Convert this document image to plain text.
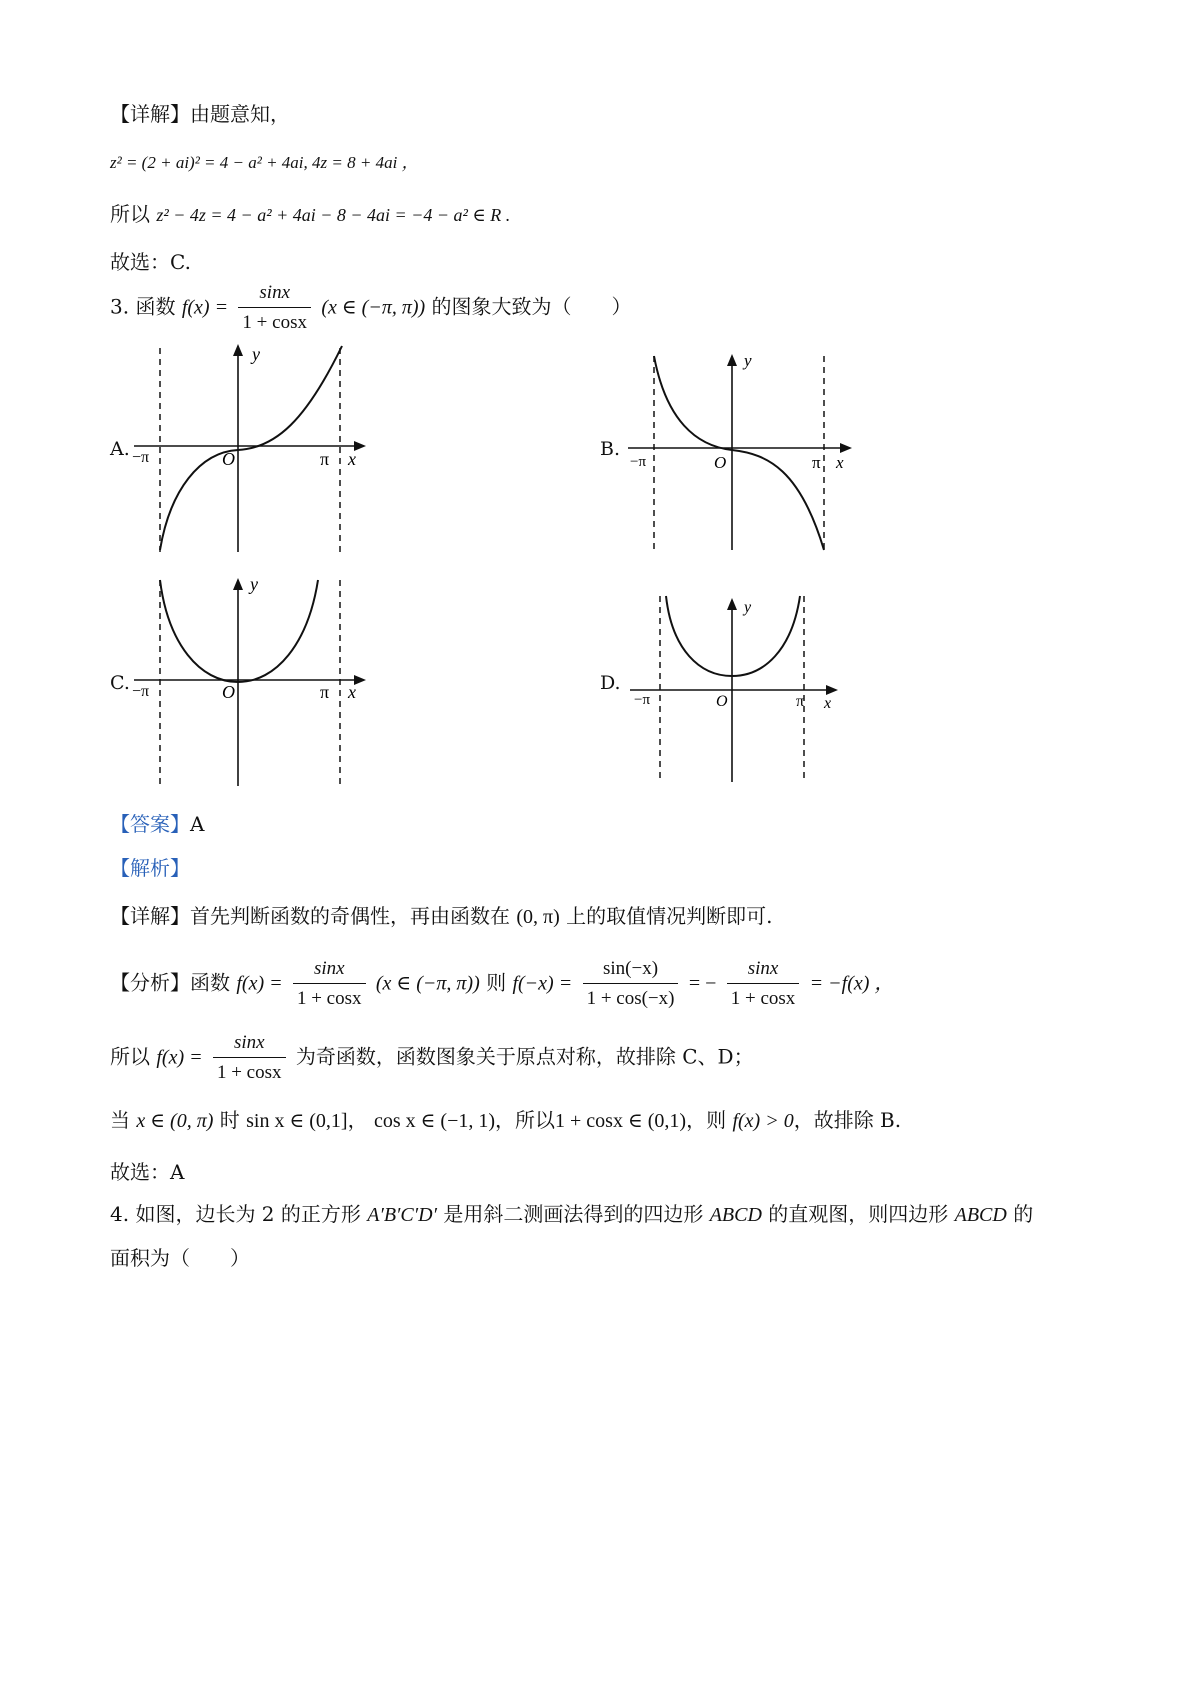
【详解】由题意知，
z² = (2 + ai)² = 4 − a² + 4ai, 4z = 8 + 4ai ，
所以 z² − 4z = 4 − a² + 4ai − 8 − 4ai = −4 − a² ∈ R .
故选：C.
3. 函数 $f(x) = \frac{\sin x}{1 + \cos x} (x$ ∈ (−π, π)) 的图象大致为（　　）
A.
y
x
O
−π	π	B.
y
x
O
−π	π
C.
y
x
O
−π	π	D.
y
x
O
−π	π
【答案】A
【解析】
【详解】首先判断函数的奇偶性，再由函数在 (0, π) 上的取值情况判断即可.
【分析】函数 $f(x) = \frac{\sin x}{1 + \cos x} (x$ ∈ (−π, π)) 则 $f(-x) = \frac{\sin(-x)}{1 + \cos(-x)}$ = − $\frac{\sin x}{1 + \cos x} = -f(x)$ ，
所以 $f(x) = \frac{\sin x}{1 + \cos x}$ 为奇函数，函数图象关于原点对称，故排除 C、D；
当 x ∈ (0, π) 时 sin x ∈ (0,1]， cos x ∈ (−1, 1)，所以1 + cosx ∈ (0,1)，则 f(x) > 0，故排除 B.
故选：A
4. 如图，边长为 2 的正方形 A′B′C′D′ 是用斜二测画法得到的四边形 ABCD 的直观图，则四边形 ABCD 的
面积为（　　）
